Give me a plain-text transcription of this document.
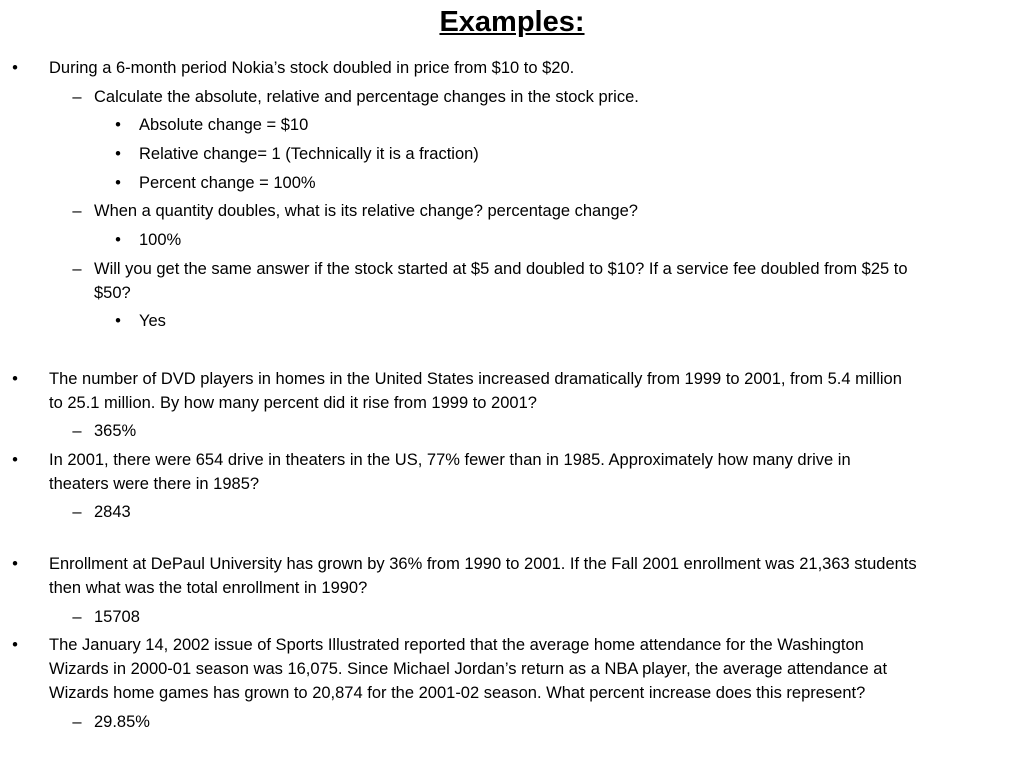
Examples:
• During a 6-month period Nokia’s stock doubled in price from $10 to $20.
– Calculate the absolute, relative and percentage changes in the stock price.
• Absolute change = $10
• Relative change= 1 (Technically it is a fraction)
• Percent change = 100%
– When a quantity doubles, what is its relative change? percentage change?
• 100%
– Will you get the same answer if the stock started at $5 and doubled to $10? If a service fee doubled from $25 to
$50?
• Yes
• The number of DVD players in homes in the United States increased dramatically from 1999 to 2001, from 5.4 million
to 25.1 million. By how many percent did it rise from 1999 to 2001?
– 365%
• In 2001, there were 654 drive in theaters in the US, 77% fewer than in 1985. Approximately how many drive in
theaters were there in 1985?
– 2843
• Enrollment at DePaul University has grown by 36% from 1990 to 2001. If the Fall 2001 enrollment was 21,363 students
then what was the total enrollment in 1990?
– 15708
• The January 14, 2002 issue of Sports Illustrated reported that the average home attendance for the Washington
Wizards in 2000-01 season was 16,075. Since Michael Jordan’s return as a NBA player, the average attendance at
Wizards home games has grown to 20,874 for the 2001-02 season. What percent increase does this represent?
– 29.85%
